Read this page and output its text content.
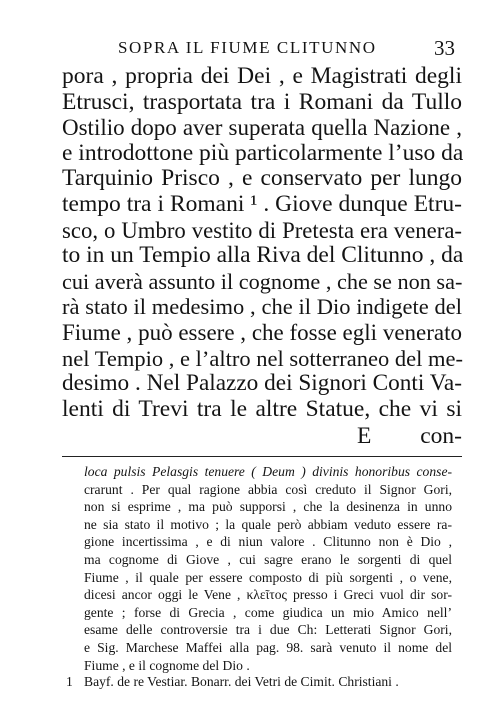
SOPRA IL FIUME CLITUNNO	33
pora , propria dei Dei , e Magistrati degli
Etrusci, trasportata tra i Romani da Tullo
Ostilio dopo aver superata quella Nazione ,
e introdottone più particolarmente l’uso da
Tarquinio Prisco , e conservato per lungo
tempo tra i Romani ¹ . Giove dunque Etru-
sco, o Umbro vestito di Pretesta era venera-
to in un Tempio alla Riva del Clitunno , da
cui averà assunto il cognome , che se non sa-
rà stato il medesimo , che il Dio indigete del
Fiume , può essere , che fosse egli venerato
nel Tempio , e l’altro nel sotterraneo del me-
desimo . Nel Palazzo dei Signori Conti Va-
lenti di Trevi tra le altre Statue, che vi si
E con-
loca pulsis Pelasgis tenuere ( Deum ) divinis honoribus conse-
crarunt . Per qual ragione abbia così creduto il Signor Gori,
non si esprime , ma può supporsi , che la desinenza in unno
ne sia stato il motivo ; la quale però abbiam veduto essere ra-
gione incertissima , e di niun valore . Clitunno non è Dio ,
ma cognome di Giove , cui sagre erano le sorgenti di quel
Fiume , il quale per essere composto di più sorgenti , o vene,
dicesi ancor oggi le Vene , κλεῖτος presso i Greci vuol dir sor-
gente ; forse di Grecia , come giudica un mio Amico nell’
esame delle controversie tra i due Ch: Letterati Signor Gori,
e Sig. Marchese Maffei alla pag. 98. sarà venuto il nome del
Fiume , e il cognome del Dio .
1 Bayf. de re Vestiar. Bonarr. dei Vetri de Cimit. Christiani .
